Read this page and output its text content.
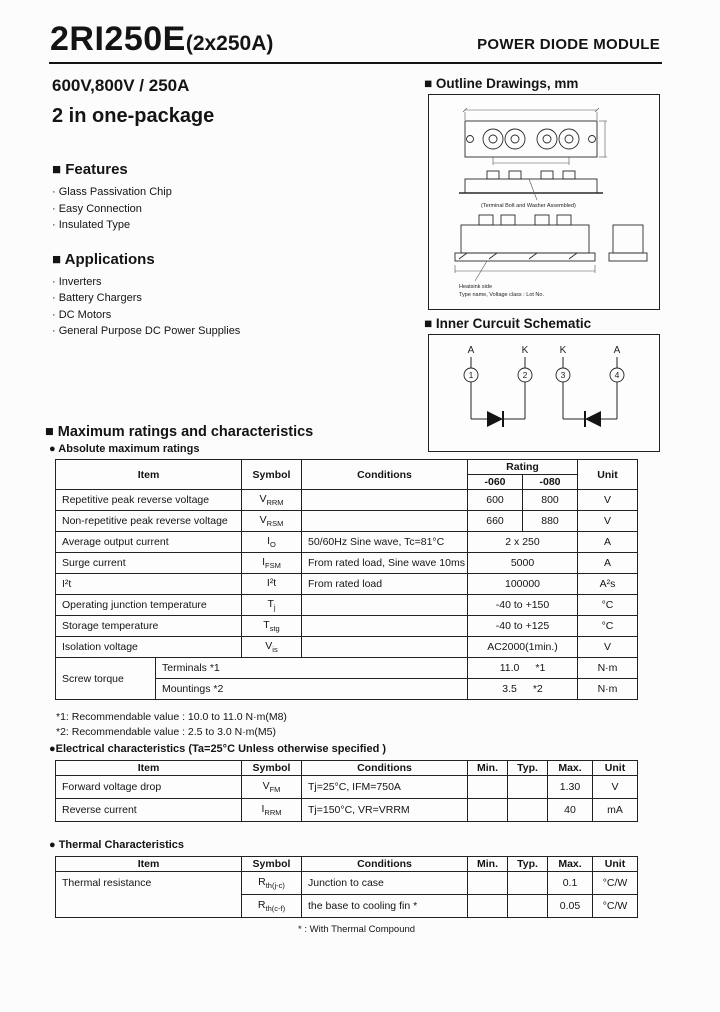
2RI250E(2x250A)	POWER DIODE MODULE
600V,800V / 250A
2 in one-package
■ Features
· Glass Passivation Chip
· Easy Connection
· Insulated Type
■ Applications
· Inverters
· Battery Chargers
· DC Motors
· General Purpose DC Power Supplies
■ Outline Drawings, mm
(Terminal Bolt and Washer Assembled)
Heatsink side
Type name, Voltage class : Lot No.
■ Inner Curcuit Schematic
A	K	K	A
1	2	3	4
■ Maximum ratings and characteristics
● Absolute maximum ratings
Item		Symbol	Conditions	Rating		Unit
				-060	-080	
Repetitive peak reverse voltage		$V_{RRM}$		600	800	V
Non-repetitive peak reverse voltage		$V_{RSM}$		660	880	V
Average output current		$I_O$	50/60Hz Sine wave, Tc=81°C	2 x 250		A
Surge current		$I_{FSM}$	From rated load, Sine wave 10ms	5000		A
I²t		I²t	From rated load	100000		A²s
Operating junction temperature		$T_j$		-40 to +150		°C
Storage temperature		$T_{stg}$		-40 to +125		°C
Isolation voltage		$V_{is}$		AC2000(1min.)		V
Screw torque	Terminals *1			11.0 *1		N·m
	Mountings *2			3.5 *2		N·m
*1: Recommendable value : 10.0 to 11.0 N·m(M8)
*2: Recommendable value : 2.5 to 3.0 N·m(M5)
●Electrical characteristics (Ta=25°C Unless otherwise specified )
Item	Symbol	Conditions	Min.	Typ.	Max.	Unit
Forward voltage drop	$V_{FM}$	Tj=25°C, IFM=750A			1.30	V
Reverse current	$I_{RRM}$	Tj=150°C, VR=VRRM			40	mA
● Thermal Characteristics
Item	Symbol	Conditions	Min.	Typ.	Max.	Unit
Thermal resistance	$R_{th(j-c)}$	Junction to case			0.1	°C/W
	$R_{th(c-f)}$	the base to cooling fin *			0.05	°C/W
* : With Thermal Compound
